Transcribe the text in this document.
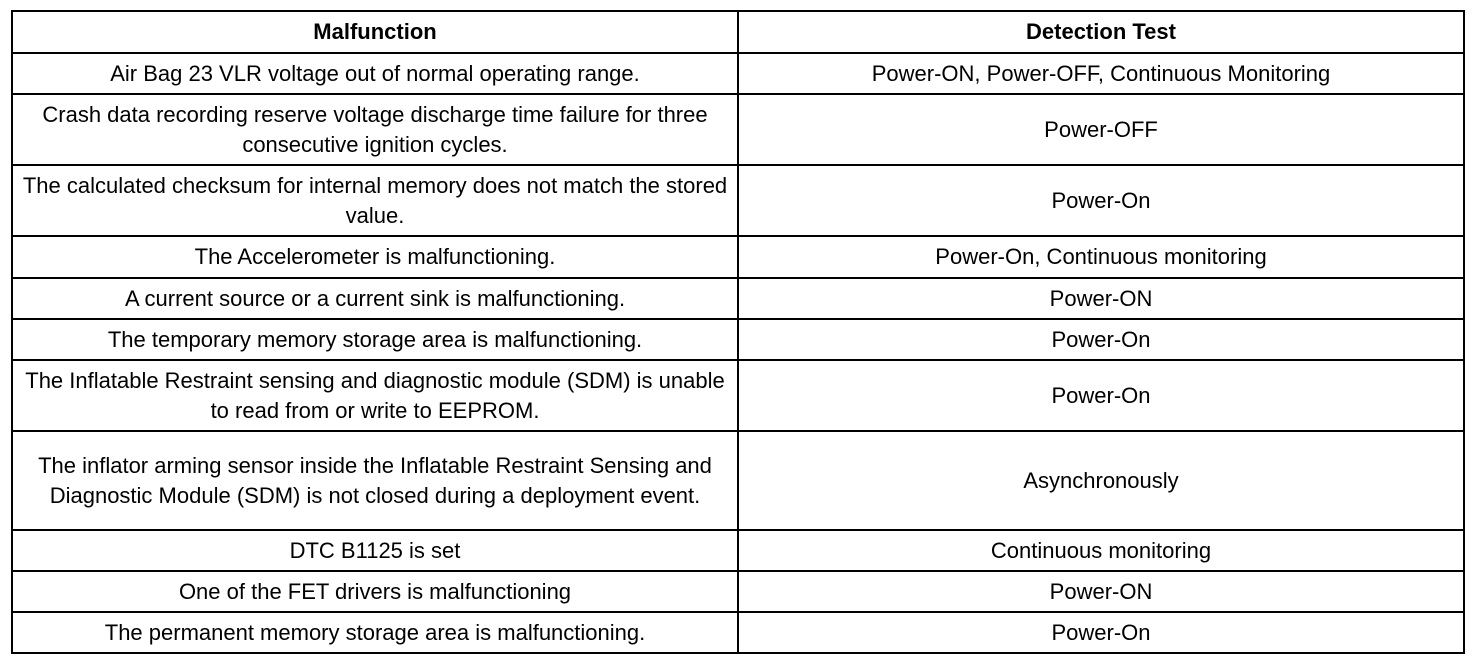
Malfunction	Detection Test
Air Bag 23 VLR voltage out of normal operating range.	Power-ON, Power-OFF, Continuous Monitoring
Crash data recording reserve voltage discharge time failure for three consecutive ignition cycles.	Power-OFF
The calculated checksum for internal memory does not match the stored value.	Power-On
The Accelerometer is malfunctioning.	Power-On, Continuous monitoring
A current source or a current sink is malfunctioning.	Power-ON
The temporary memory storage area is malfunctioning.	Power-On
The Inflatable Restraint sensing and diagnostic module (SDM) is unable to read from or write to EEPROM.	Power-On
The inflator arming sensor inside the Inflatable Restraint Sensing and Diagnostic Module (SDM) is not closed during a deployment event.	Asynchronously
DTC B1125 is set	Continuous monitoring
One of the FET drivers is malfunctioning	Power-ON
The permanent memory storage area is malfunctioning.	Power-On
